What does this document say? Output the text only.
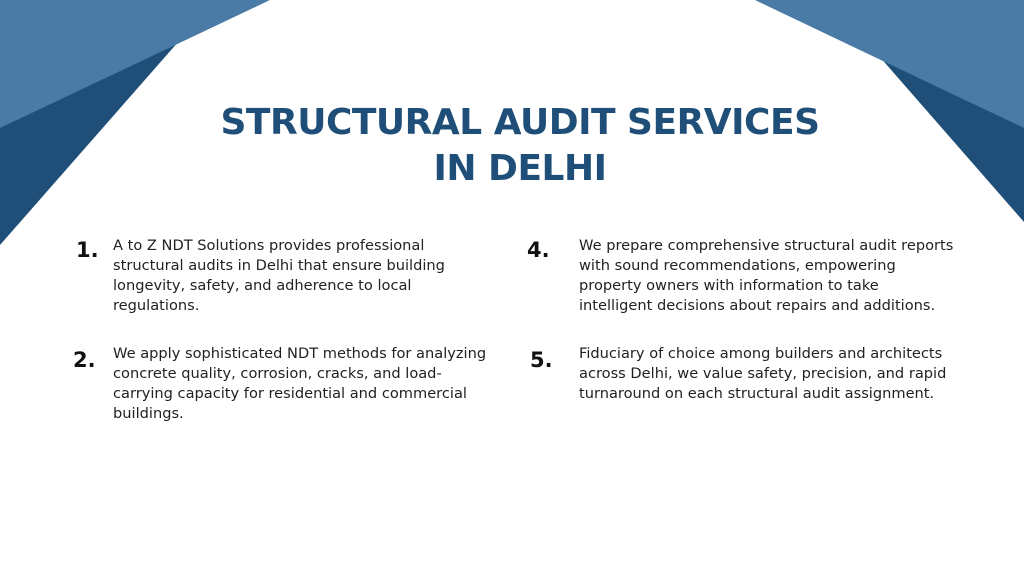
STRUCTURAL AUDIT SERVICES
IN DELHI
1. A to Z NDT Solutions provides professional structural audits in Delhi that ensure building longevity, safety, and adherence to local regulations.
2. We apply sophisticated NDT methods for analyzing concrete quality, corrosion, cracks, and load-carrying capacity for residential and commercial buildings.
4. We prepare comprehensive structural audit reports with sound recommendations, empowering property owners with information to take intelligent decisions about repairs and additions.
5. Fiduciary of choice among builders and architects across Delhi, we value safety, precision, and rapid turnaround on each structural audit assignment.
